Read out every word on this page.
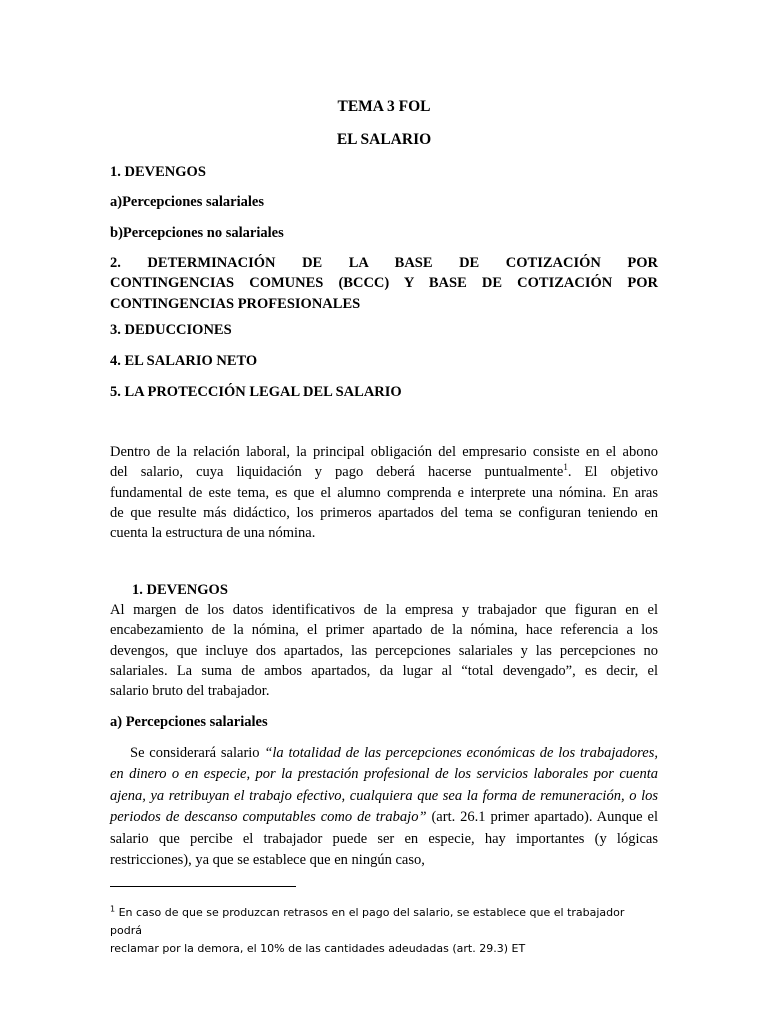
TEMA 3 FOL
EL SALARIO
1. DEVENGOS
a)Percepciones salariales
b)Percepciones no salariales
2. DETERMINACIÓN DE LA BASE DE COTIZACIÓN POR
CONTINGENCIAS COMUNES (BCCC) Y BASE DE COTIZACIÓN POR
CONTINGENCIAS PROFESIONALES
3. DEDUCCIONES
4. EL SALARIO NETO
5. LA PROTECCIÓN LEGAL DEL SALARIO
Dentro de la relación laboral, la principal obligación del empresario consiste en el abono
del salario, cuya liquidación y pago deberá hacerse puntualmente$^1$. El objetivo
fundamental de este tema, es que el alumno comprenda e interprete una nómina. En aras
de que resulte más didáctico, los primeros apartados del tema se configuran teniendo en
cuenta la estructura de una nómina.
1. DEVENGOS
Al margen de los datos identificativos de la empresa y trabajador que figuran en el
encabezamiento de la nómina, el primer apartado de la nómina, hace referencia a los
devengos, que incluye dos apartados, las percepciones salariales y las percepciones no
salariales. La suma de ambos apartados, da lugar al “total devengado”, es decir, el
salario bruto del trabajador.
a) Percepciones salariales
Se considerará salario “la totalidad de las percepciones económicas de los trabajadores, en dinero o en especie, por la prestación profesional de los servicios laborales por cuenta ajena, ya retribuyan el trabajo efectivo, cualquiera que sea la forma de remuneración, o los periodos de descanso computables como de trabajo” (art. 26.1 primer apartado). Aunque el salario que percibe el trabajador puede ser en especie, hay importantes (y lógicas restricciones), ya que se establece que en ningún caso,
$^1$ En caso de que se produzcan retrasos en el pago del salario, se establece que el trabajador podrá
reclamar por la demora, el 10% de las cantidades adeudadas (art. 29.3) ET
